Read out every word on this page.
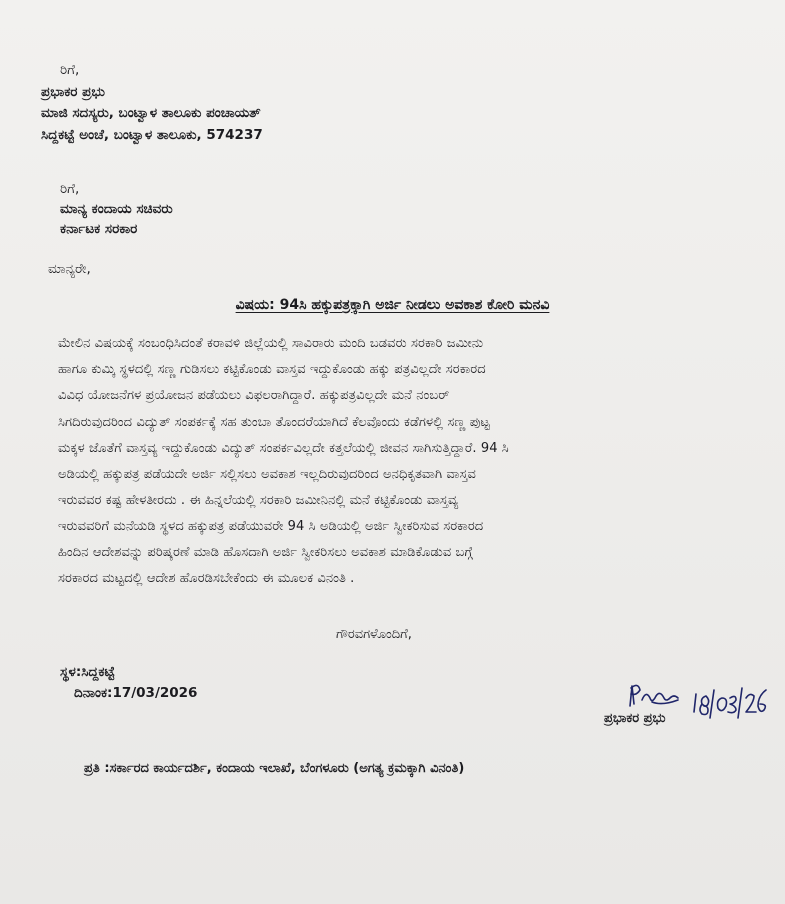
ರಿಗೆ,
ಪ್ರಭಾಕರ ಪ್ರಭು
ಮಾಜಿ ಸದಸ್ಯರು, ಬಂಟ್ವಾಳ ತಾಲೂಕು ಪಂಚಾಯತ್
ಸಿದ್ದಕಟ್ಟೆ ಅಂಚೆ, ಬಂಟ್ವಾಳ ತಾಲೂಕು, 574237
ರಿಗೆ,
ಮಾನ್ಯ ಕಂದಾಯ ಸಚಿವರು
ಕರ್ನಾಟಕ ಸರಕಾರ
ಮಾನ್ಯರೇ,
ವಿಷಯ: 94ಸಿ ಹಕ್ಕುಪತ್ರಕ್ಕಾಗಿ ಅರ್ಜಿ ನೀಡಲು ಅವಕಾಶ ಕೋರಿ ಮನವಿ
ಮೇಲಿನ ವಿಷಯಕ್ಕೆ ಸಂಬಂಧಿಸಿದಂತೆ ಕರಾವಳಿ ಜಿಲ್ಲೆಯಲ್ಲಿ ಸಾವಿರಾರು ಮಂದಿ ಬಡವರು ಸರಕಾರಿ ಜಮೀನು
ಹಾಗೂ ಕುಮ್ಕಿ ಸ್ಥಳದಲ್ಲಿ ಸಣ್ಣ ಗುಡಿಸಲು ಕಟ್ಟಿಕೊಂಡು ವಾಸ್ತವ ಇದ್ದುಕೊಂಡು ಹಕ್ಕು ಪತ್ರವಿಲ್ಲದೇ ಸರಕಾರದ
ವಿವಿಧ ಯೋಜನೆಗಳ ಪ್ರಯೋಜನ ಪಡೆಯಲು ವಿಫಲರಾಗಿದ್ದಾರೆ. ಹಕ್ಕುಪತ್ರವಿಲ್ಲದೇ ಮನೆ ನಂಬರ್
ಸಿಗದಿರುವುದರಿಂದ ವಿದ್ಯುತ್ ಸಂಪರ್ಕಕ್ಕೆ ಸಹ ತುಂಬಾ ತೊಂದರೆಯಾಗಿದೆ ಕೆಲವೊಂದು ಕಡೆಗಳಲ್ಲಿ ಸಣ್ಣ ಪುಟ್ಟ
ಮಕ್ಕಳ ಜೊತೆಗೆ ವಾಸ್ತವ್ಯ ಇದ್ದುಕೊಂಡು ವಿದ್ಯುತ್ ಸಂಪರ್ಕವಿಲ್ಲದೇ ಕತ್ತಲೆಯಲ್ಲಿ ಜೀವನ ಸಾಗಿಸುತ್ತಿದ್ದಾರೆ. 94 ಸಿ
ಅಡಿಯಲ್ಲಿ ಹಕ್ಕುಪತ್ರ ಪಡೆಯದೇ ಅರ್ಜಿ ಸಲ್ಲಿಸಲು ಅವಕಾಶ ಇಲ್ಲದಿರುವುದರಿಂದ ಅನಧಿಕೃತವಾಗಿ ವಾಸ್ತವ
ಇರುವವರ ಕಷ್ಟ ಹೇಳತೀರದು . ಈ ಹಿನ್ನಲೆಯಲ್ಲಿ ಸರಕಾರಿ ಜಮೀನಿನಲ್ಲಿ ಮನೆ ಕಟ್ಟಿಕೊಂಡು ವಾಸ್ತವ್ಯ
ಇರುವವರಿಗೆ ಮನೆಯಡಿ ಸ್ಥಳದ ಹಕ್ಕುಪತ್ರ ಪಡೆಯುವರೇ 94 ಸಿ ಅಡಿಯಲ್ಲಿ ಅರ್ಜಿ ಸ್ವೀಕರಿಸುವ ಸರಕಾರದ
ಹಿಂದಿನ ಆದೇಶವನ್ನು ಪರಿಷ್ಕರಣೆ ಮಾಡಿ ಹೊಸದಾಗಿ ಅರ್ಜಿ ಸ್ವೀಕರಿಸಲು ಅವಕಾಶ ಮಾಡಿಕೊಡುವ ಬಗ್ಗೆ
ಸರಕಾರದ ಮಟ್ಟದಲ್ಲಿ ಆದೇಶ ಹೊರಡಿಸಬೇಕೆಂದು ಈ ಮೂಲಕ ವಿನಂತಿ .
ಗೌರವಗಳೊಂದಿಗೆ,
ಸ್ಥಳ:ಸಿದ್ದಕಟ್ಟೆ
ದಿನಾಂಕ:17/03/2026
ಪ್ರಭಾಕರ ಪ್ರಭು
ಪ್ರತಿ :ಸರ್ಕಾರದ ಕಾರ್ಯದರ್ಶಿ, ಕಂದಾಯ ಇಲಾಖೆ, ಬೆಂಗಳೂರು (ಅಗತ್ಯ ಕ್ರಮಕ್ಕಾಗಿ ವಿನಂತಿ)
